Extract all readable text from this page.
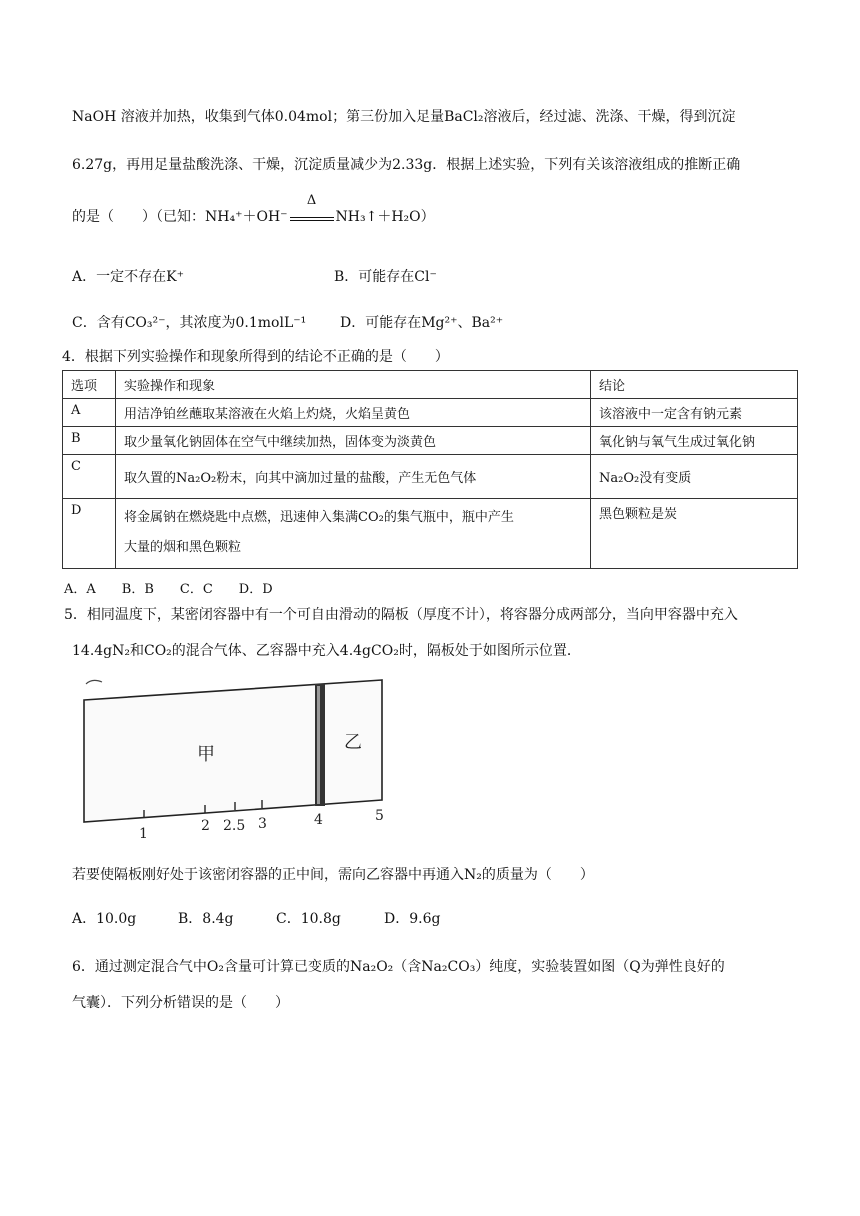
NaOH 溶液并加热，收集到气体0.04mol；第三份加入足量BaCl₂溶液后，经过滤、洗涤、干燥，得到沉淀
6.27g，再用足量盐酸洗涤、干燥，沉淀质量减少为2.33g．根据上述实验，下列有关该溶液组成的推断正确
的是（　　）（已知：NH₄⁺＋OH⁻
Δ
NH₃↑＋H₂O）
A．一定不存在K⁺	B．可能存在Cl⁻
C．含有CO₃²⁻，其浓度为0.1molL⁻¹ D．可能存在Mg²⁺、Ba²⁺
4．根据下列实验操作和现象所得到的结论不正确的是（　　）
选项	实验操作和现象	结论
A	用洁净铂丝蘸取某溶液在火焰上灼烧，火焰呈黄色	该溶液中一定含有钠元素
B	取少量氧化钠固体在空气中继续加热，固体变为淡黄色	氧化钠与氧气生成过氧化钠
C	取久置的Na₂O₂粉末，向其中滴加过量的盐酸，产生无色气体	Na₂O₂没有变质
D	将金属钠在燃烧匙中点燃，迅速伸入集满CO₂的集气瓶中，瓶中产生
大量的烟和黑色颗粒	黑色颗粒是炭
A．A　　B．B　　C．C　　D．D
5．相同温度下，某密闭容器中有一个可自由滑动的隔板（厚度不计），将容器分成两部分，当向甲容器中充入
14.4gN₂和CO₂的混合气体、乙容器中充入4.4gCO₂时，隔板处于如图所示位置．
甲
乙
1	2 2.5 3	4	5
若要使隔板刚好处于该密闭容器的正中间，需向乙容器中再通入N₂的质量为（　　）
A．10.0g	B．8.4g	C．10.8g	D．9.6g
6．通过测定混合气中O₂含量可计算已变质的Na₂O₂（含Na₂CO₃）纯度，实验装置如图（Q为弹性良好的
气囊）．下列分析错误的是（　　）
